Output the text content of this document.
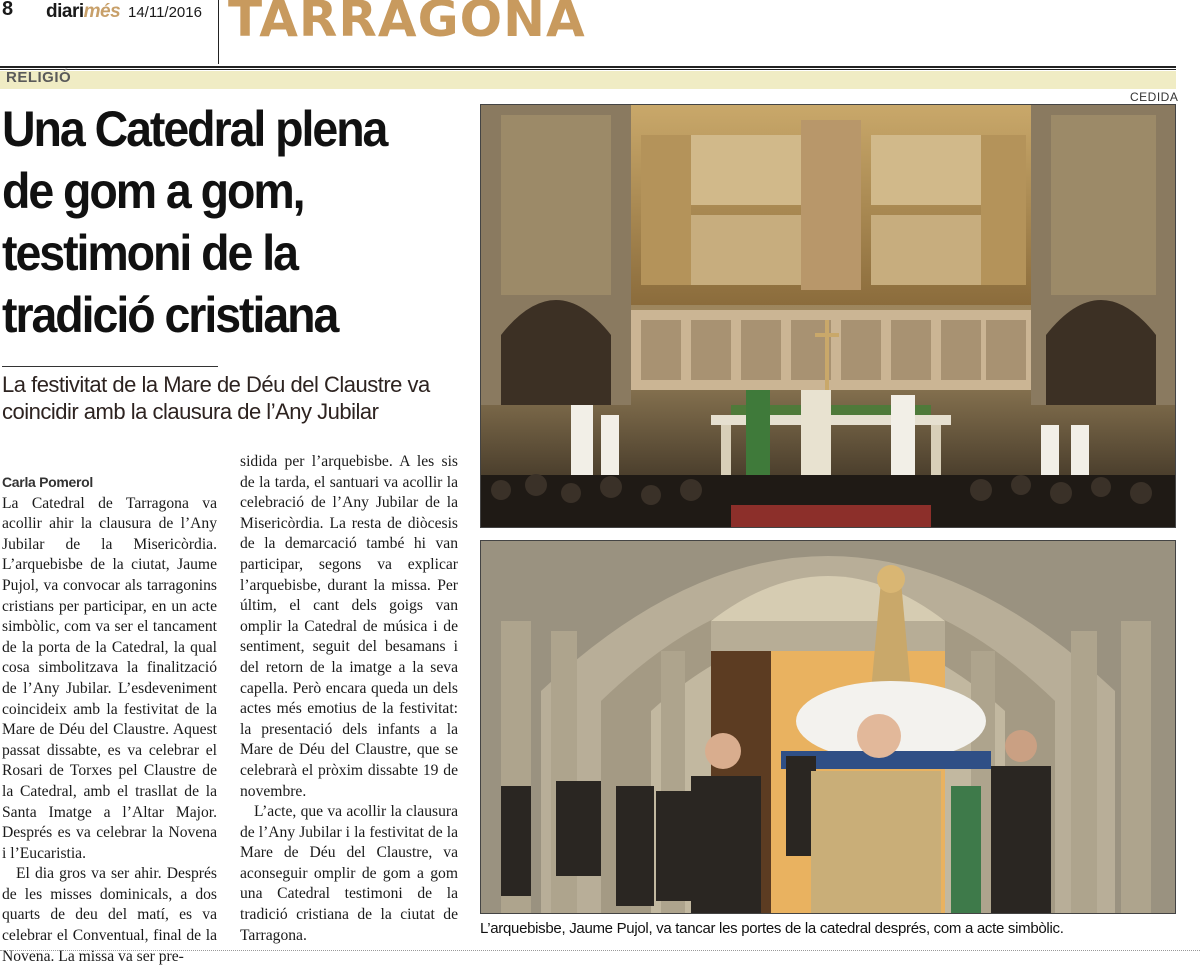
8 diarimés 14/11/2016 TARRAGONA
RELIGIÓ
CEDIDA
Una Catedral plena
de gom a gom,
testimoni de la
tradició cristiana

La festivitat de la Mare de Déu del Claustre va coincidir amb la clausura de l’Any Jubilar

Carla Pomerol

La Catedral de Tarragona va acollir ahir la clausura de l’Any Jubilar de la Misericòrdia. L’arquebisbe de la ciutat, Jaume Pujol, va convocar als tarragonins cristians per participar, en un acte simbòlic, com va ser el tancament de la porta de la Catedral, la qual cosa simbolitzava la finalització de l’Any Jubilar. L’esdeveniment coincideix amb la festivitat de la Mare de Déu del Claustre. Aquest passat dissabte, es va celebrar el Rosari de Torxes pel Claustre de la Catedral, amb el trasllat de la Santa Imatge a l’Altar Major. Després es va celebrar la Novena i l’Eucaristia.

El dia gros va ser ahir. Després de les misses dominicals, a dos quarts de deu del matí, es va celebrar el Conventual, final de la Novena. La missa va ser pre-

sidida per l’arquebisbe. A les sis de la tarda, el santuari va acollir la celebració de l’Any Jubilar de la Misericòrdia. La resta de diòcesis de la demarcació també hi van participar, segons va explicar l’arquebisbe, durant la missa. Per últim, el cant dels goigs van omplir la Catedral de música i de sentiment, seguit del besamans i del retorn de la imatge a la seva capella. Però encara queda un dels actes més emotius de la festivitat: la presentació dels infants a la Mare de Déu del Claustre, que se celebrarà el pròxim dissabte 19 de novembre.

L’acte, que va acollir la clausura de l’Any Jubilar i la festivitat de la Mare de Déu del Claustre, va aconseguir omplir de gom a gom una Catedral testimoni de la tradició cristiana de la ciutat de Tarragona.	L’arquebisbe, Jaume Pujol, va tancar les portes de la catedral després, com a acte simbòlic.
